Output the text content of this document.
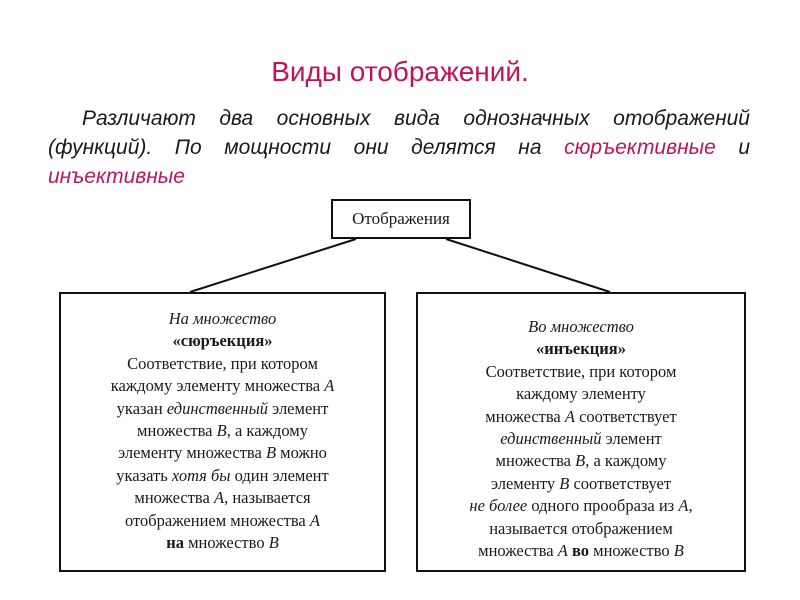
Виды отображений.
Различают два основных вида однозначных отображений (функций). По мощности они делятся на сюръективные и инъективные
Отображения
На множество
«сюръекция»
Соответствие, при котором
каждому элементу множества A
указан единственный элемент
множества B, а каждому
элементу множества B можно
указать хотя бы один элемент
множества A, называется
отображением множества A
на множество B
Во множество
«инъекция»
Соответствие, при котором
каждому элементу
множества A соответствует
единственный элемент
множества B, а каждому
элементу B соответствует
не более одного прообраза из A,
называется отображением
множества A во множество B
